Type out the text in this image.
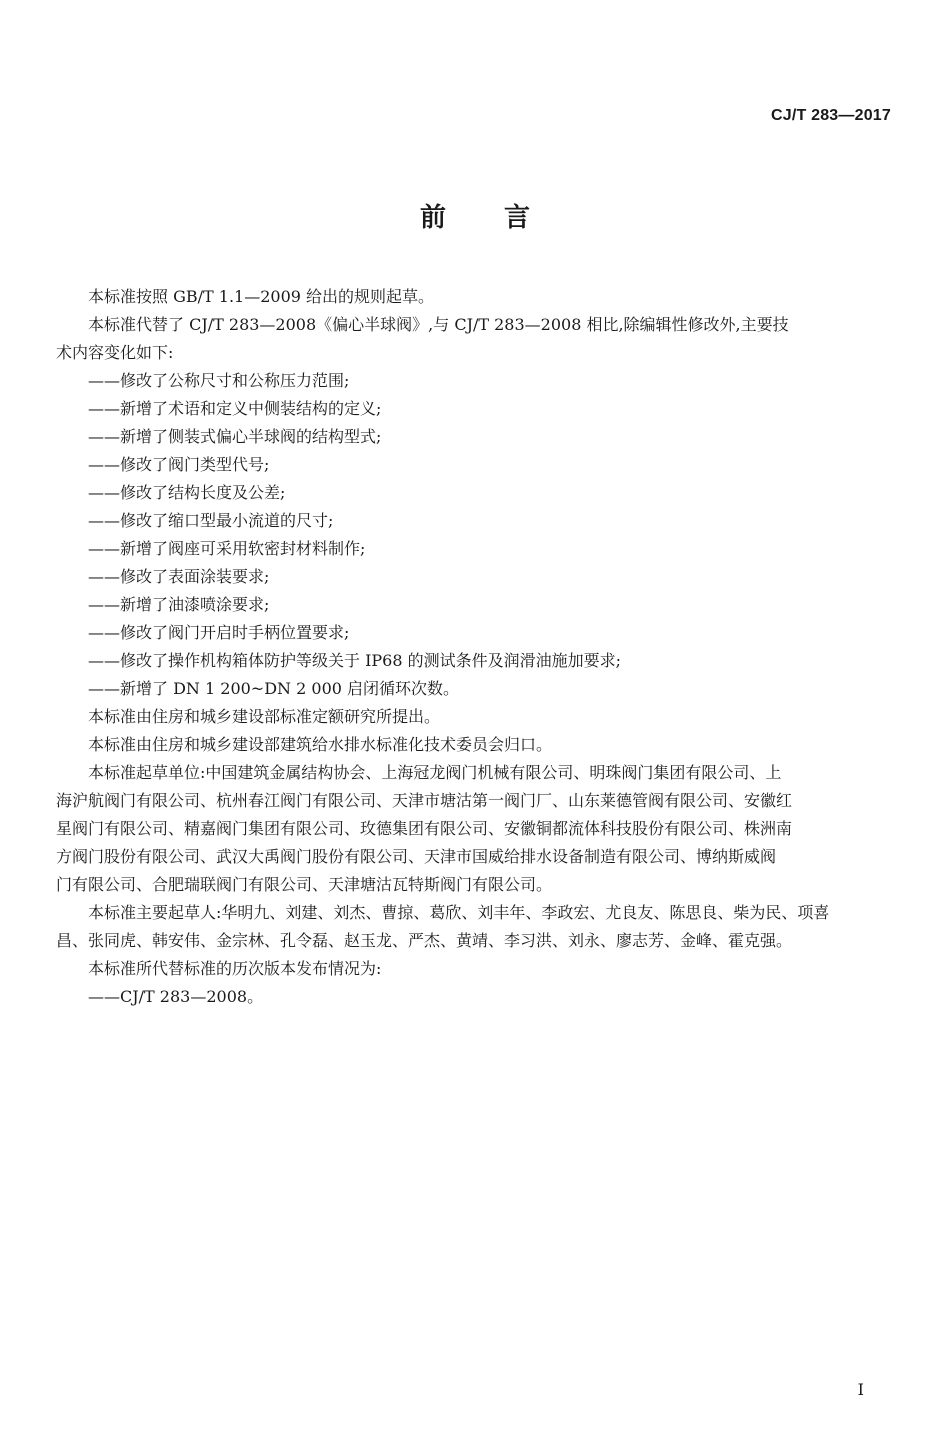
CJ/T 283—2017
前 言

本标准按照 GB/T 1.1—2009 给出的规则起草。

本标准代替了 CJ/T 283—2008《偏心半球阀》,与 CJ/T 283—2008 相比,除编辑性修改外,主要技

术内容变化如下:

——修改了公称尺寸和公称压力范围;

——新增了术语和定义中侧装结构的定义;

——新增了侧装式偏心半球阀的结构型式;

——修改了阀门类型代号;

——修改了结构长度及公差;

——修改了缩口型最小流道的尺寸;

——新增了阀座可采用软密封材料制作;

——修改了表面涂装要求;

——新增了油漆喷涂要求;

——修改了阀门开启时手柄位置要求;

——修改了操作机构箱体防护等级关于 IP68 的测试条件及润滑油施加要求;

——新增了 DN 1 200~DN 2 000 启闭循环次数。

本标准由住房和城乡建设部标准定额研究所提出。

本标准由住房和城乡建设部建筑给水排水标准化技术委员会归口。

本标准起草单位:中国建筑金属结构协会、上海冠龙阀门机械有限公司、明珠阀门集团有限公司、上

海沪航阀门有限公司、杭州春江阀门有限公司、天津市塘沽第一阀门厂、山东莱德管阀有限公司、安徽红

星阀门有限公司、精嘉阀门集团有限公司、玫德集团有限公司、安徽铜都流体科技股份有限公司、株洲南

方阀门股份有限公司、武汉大禹阀门股份有限公司、天津市国威给排水设备制造有限公司、博纳斯威阀

门有限公司、合肥瑞联阀门有限公司、天津塘沽瓦特斯阀门有限公司。

本标准主要起草人:华明九、刘建、刘杰、曹掠、葛欣、刘丰年、李政宏、尤良友、陈思良、柴为民、项喜

昌、张同虎、韩安伟、金宗林、孔令磊、赵玉龙、严杰、黄靖、李习洪、刘永、廖志芳、金峰、霍克强。

本标准所代替标准的历次版本发布情况为:

——CJ/T 283—2008。

I
